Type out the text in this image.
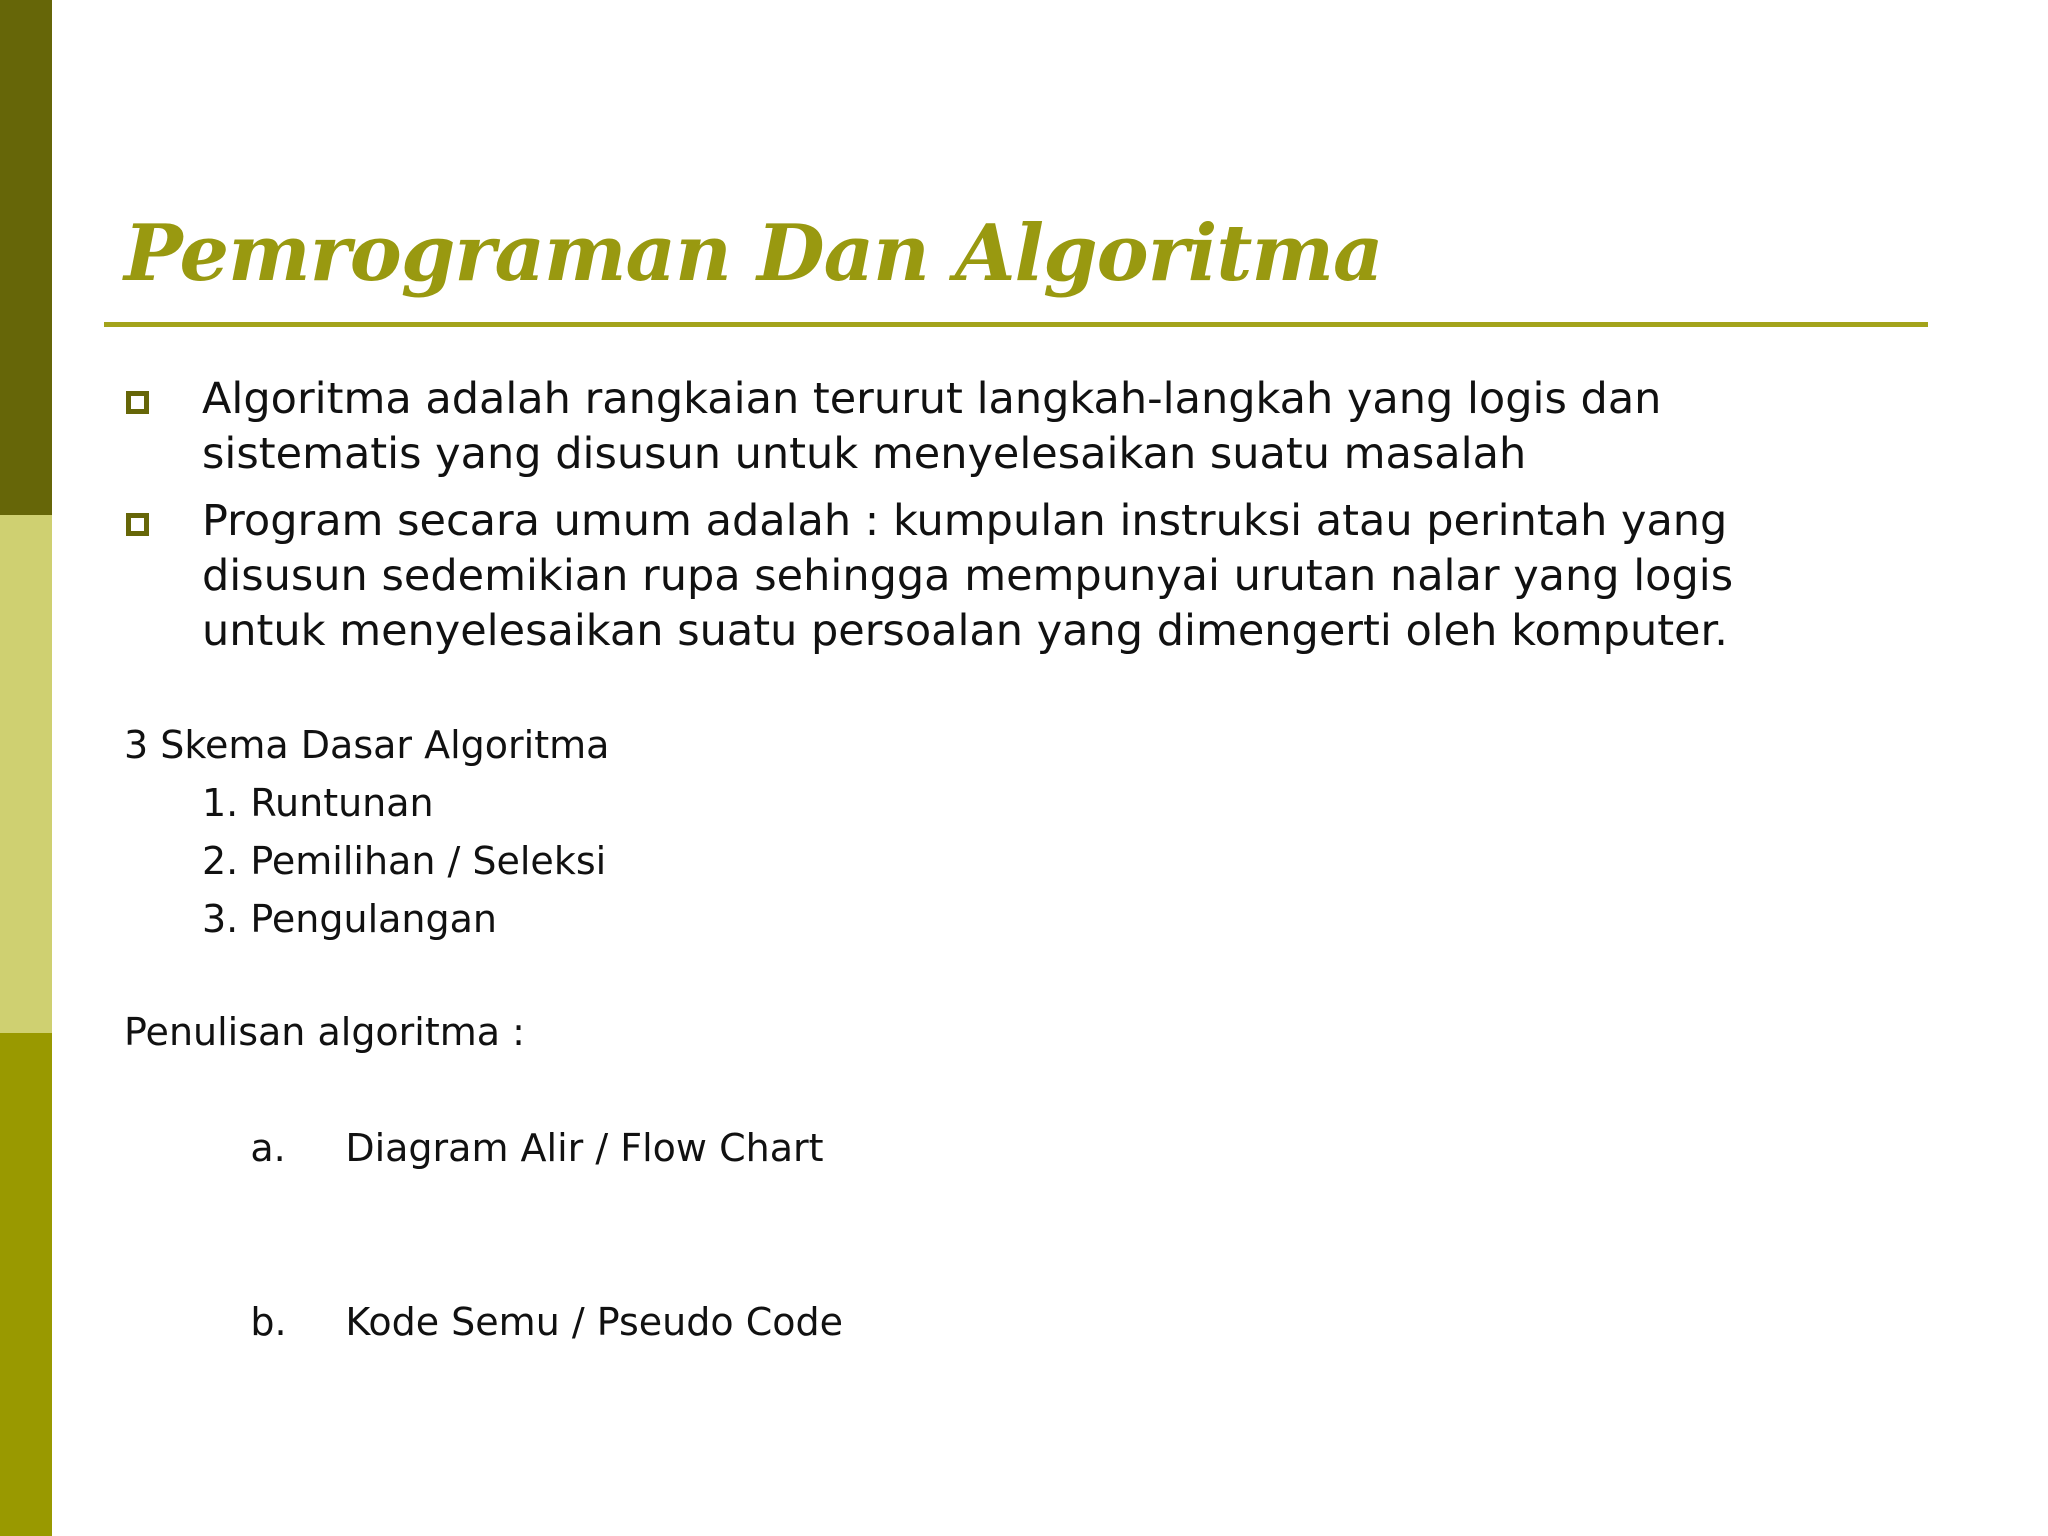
Pemrograman Dan Algoritma
Algoritma adalah rangkaian terurut langkah-langkah yang logis dan
sistematis yang disusun untuk menyelesaikan suatu masalah
Program secara umum adalah : kumpulan instruksi atau perintah yang
disusun sedemikian rupa sehingga mempunyai urutan nalar yang logis
untuk menyelesaikan suatu persoalan yang dimengerti oleh komputer.
3 Skema Dasar Algoritma
1. Runtunan
2. Pemilihan / Seleksi
3. Pengulangan
Penulisan algoritma :

a. Diagram Alir / Flow Chart

b. Kode Semu / Pseudo Code
